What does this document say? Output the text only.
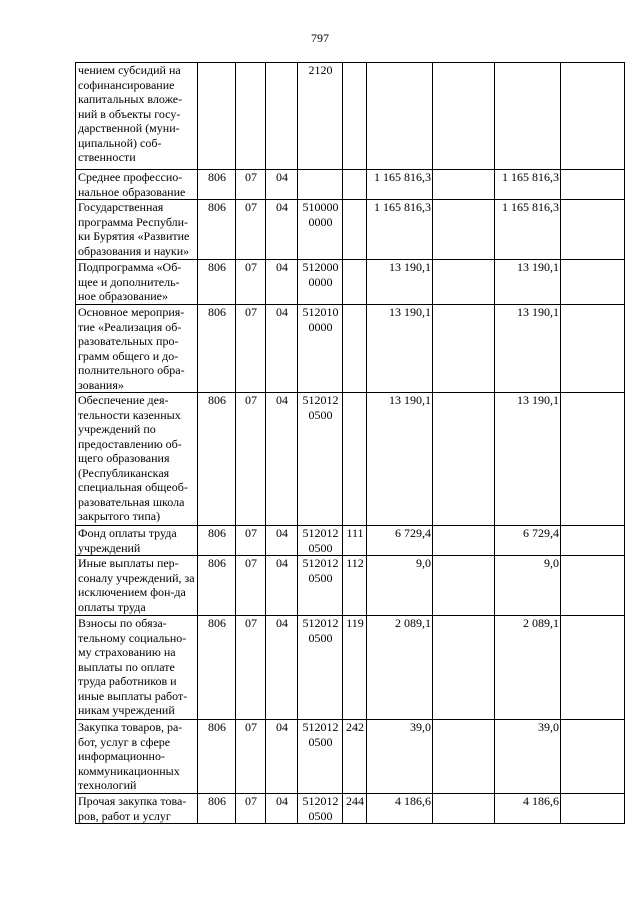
797
чением субсидий на софинансирование капитальных вложе-ний в объекты госу-дарственной (муни-ципальной) соб-ственности				2120					
Среднее профессио-нальное образование	806	07	04			1 165 816,3		1 165 816,3	
Государственная программа Республи-ки Бурятия «Развитие образования и науки»	806	07	04	510000 0000		1 165 816,3		1 165 816,3	
Подпрограмма «Об-щее и дополнитель-ное образование»	806	07	04	512000 0000		13 190,1		13 190,1	
Основное мероприя-тие «Реализация об-разовательных про-грамм общего и до-полнительного обра-зования»	806	07	04	512010 0000		13 190,1		13 190,1	
Обеспечение дея-тельности казенных учреждений по предоставлению об-щего образования (Республиканская специальная общеоб-разовательная школа закрытого типа)	806	07	04	512012 0500		13 190,1		13 190,1	
Фонд оплаты труда учреждений	806	07	04	512012 0500	111	6 729,4		6 729,4	
Иные выплаты пер-соналу учреждений, за исключением фон-да оплаты труда	806	07	04	512012 0500	112	9,0		9,0	
Взносы по обяза-тельному социально-му страхованию на выплаты по оплате труда работников и иные выплаты работ-никам учреждений	806	07	04	512012 0500	119	2 089,1		2 089,1	
Закупка товаров, ра-бот, услуг в сфере информационно-коммуникационных технологий	806	07	04	512012 0500	242	39,0		39,0	
Прочая закупка това-ров, работ и услуг	806	07	04	512012 0500	244	4 186,6		4 186,6	
